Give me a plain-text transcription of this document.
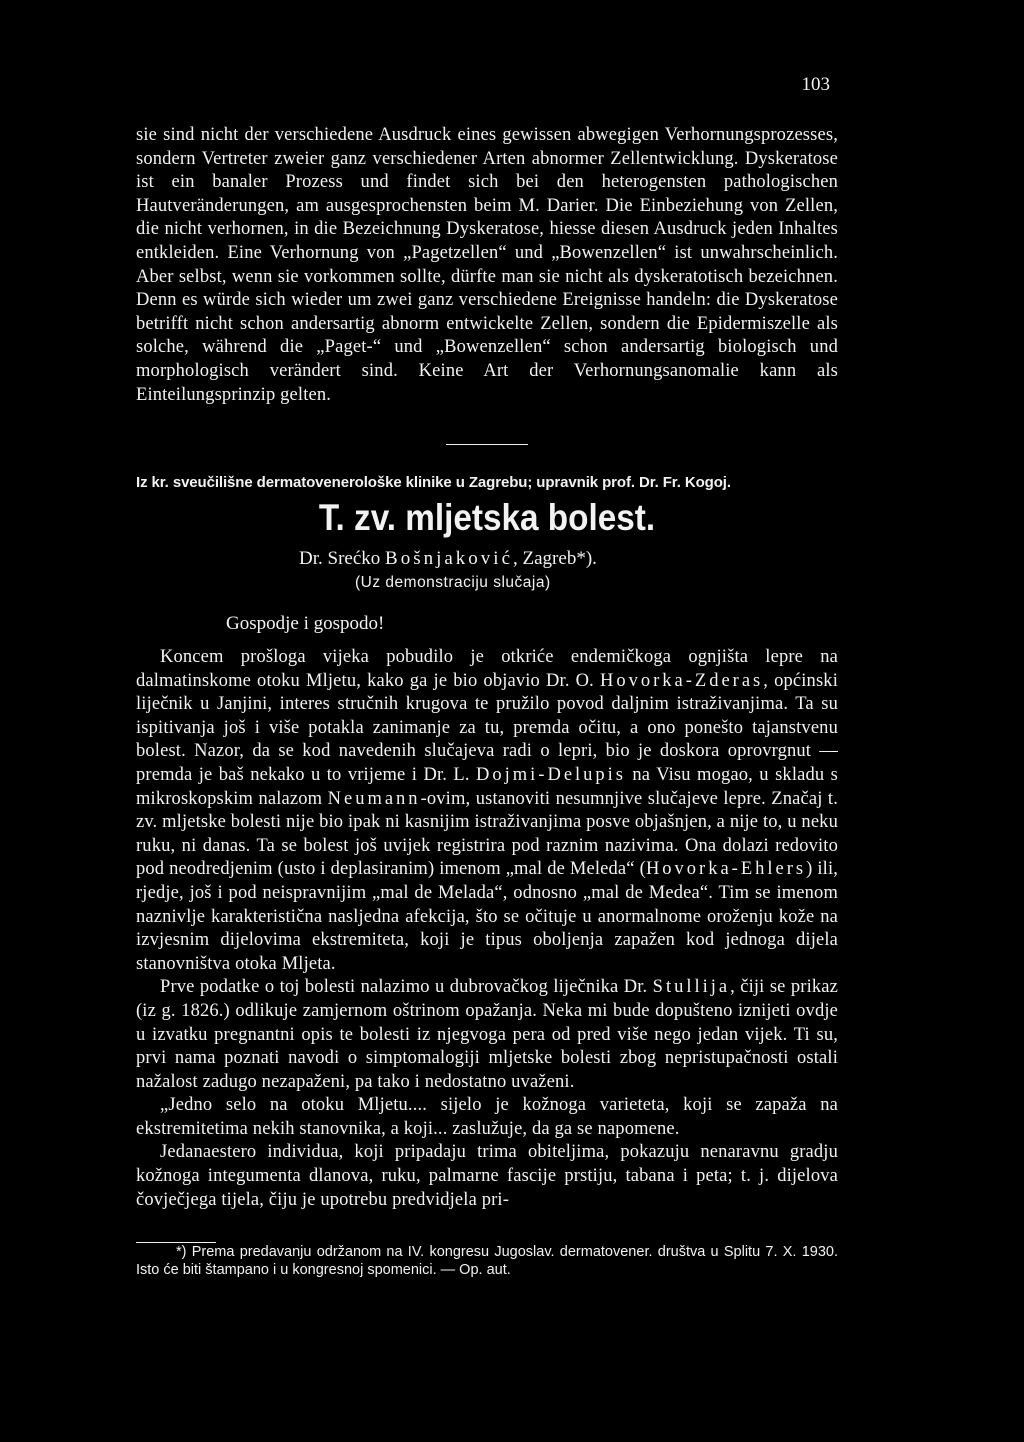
103

sie sind nicht der verschiedene Ausdruck eines gewissen abwegigen Verhornungsprozesses, sondern Vertreter zweier ganz verschiedener Arten abnormer Zellentwicklung. Dyskeratose ist ein banaler Prozess und findet sich bei den heterogensten pathologischen Hautveränderungen, am ausgesprochensten beim M. Darier. Die Einbeziehung von Zellen, die nicht verhornen, in die Bezeichnung Dyskeratose, hiesse diesen Ausdruck jeden Inhaltes entkleiden. Eine Verhornung von „Pagetzellen“ und „Bowenzellen“ ist unwahrscheinlich. Aber selbst, wenn sie vorkommen sollte, dürfte man sie nicht als dyskeratotisch bezeichnen. Denn es würde sich wieder um zwei ganz verschiedene Ereignisse handeln: die Dyskeratose betrifft nicht schon andersartig abnorm entwickelte Zellen, sondern die Epidermiszelle als solche, während die „Paget-“ und „Bowenzellen“ schon andersartig biologisch und morphologisch verändert sind. Keine Art der Verhornungsanomalie kann als Einteilungsprinzip gelten.

Iz kr. sveučilišne dermatovenerološke klinike u Zagrebu; upravnik prof. Dr. Fr. Kogoj.
T. zv. mljetska bolest.
Dr. Srećko Bošnjaković, Zagreb*).
(Uz demonstraciju slučaja)
Gospodje i gospodo!

Koncem prošloga vijeka pobudilo je otkriće endemičkoga ognjišta lepre na dalmatinskome otoku Mljetu, kako ga je bio objavio Dr. O. Hovorka-Zderas, općinski liječnik u Janjini, interes stručnih krugova te pružilo povod daljnim istraživanjima. Ta su ispitivanja još i više potakla zanimanje za tu, premda očitu, a ono ponešto tajanstvenu bolest. Nazor, da se kod navedenih slučajeva radi o lepri, bio je doskora oprovrgnut — premda je baš nekako u to vrijeme i Dr. L. Dojmi-Delupis na Visu mogao, u skladu s mikroskopskim nalazom Neumann-ovim, ustanoviti nesumnjive slučajeve lepre. Značaj t. zv. mljetske bolesti nije bio ipak ni kasnijim istraživanjima posve objašnjen, a nije to, u neku ruku, ni danas. Ta se bolest još uvijek registrira pod raznim nazivima. Ona dolazi redovito pod neodredjenim (usto i deplasiranim) imenom „mal de Meleda“ (Hovorka-Ehlers) ili, rjedje, još i pod neispravnijim „mal de Melada“, odnosno „mal de Medea“. Tim se imenom naznivlje karakteristična nasljedna afekcija, što se očituje u anormalnome oroženju kože na izvjesnim dijelovima ekstremiteta, koji je tipus oboljenja zapažen kod jednoga dijela stanovništva otoka Mljeta.

Prve podatke o toj bolesti nalazimo u dubrovačkog liječnika Dr. Stullija, čiji se prikaz (iz g. 1826.) odlikuje zamjernom oštrinom opažanja. Neka mi bude dopušteno iznijeti ovdje u izvatku pregnantni opis te bolesti iz njegvoga pera od pred više nego jedan vijek. Ti su, prvi nama poznati navodi o simptomalogiji mljetske bolesti zbog nepristupačnosti ostali nažalost zadugo nezapaženi, pa tako i nedostatno uvaženi.

„Jedno selo na otoku Mljetu.... sijelo je kožnoga varieteta, koji se zapaža na ekstremitetima nekih stanovnika, a koji... zaslužuje, da ga se napomene.

Jedanaestero individua, koji pripadaju trima obiteljima, pokazuju nenaravnu gradju kožnoga integumenta dlanova, ruku, palmarne fascije prstiju, tabana i peta; t. j. dijelova čovječjega tijela, čiju je upotrebu predvidjela pri-

*) Prema predavanju održanom na IV. kongresu Jugoslav. dermatovener. društva u Splitu 7. X. 1930. Isto će biti štampano i u kongresnoj spomenici. — Op. aut.
